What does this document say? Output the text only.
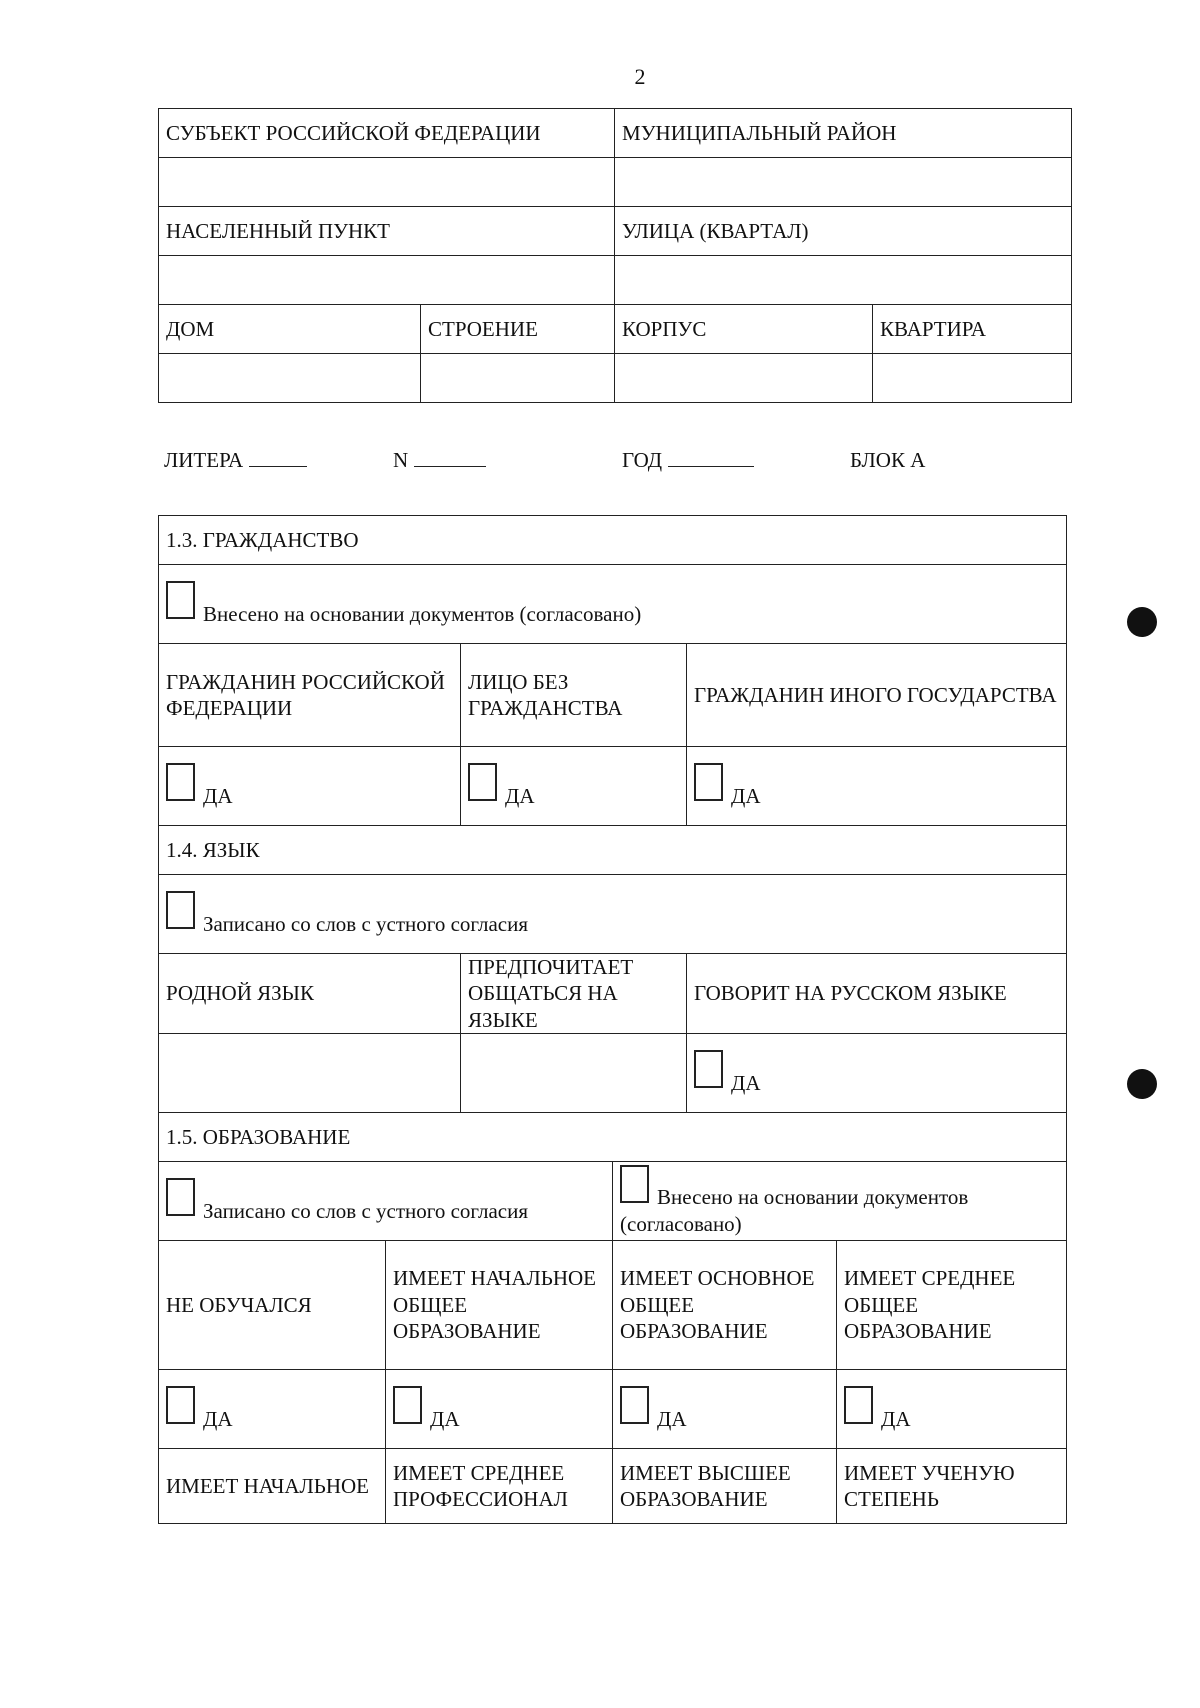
2
СУБЪЕКТ РОССИЙСКОЙ ФЕДЕРАЦИИ		МУНИЦИПАЛЬНЫЙ РАЙОН	

НАСЕЛЕННЫЙ ПУНКТ		УЛИЦА (КВАРТАЛ)	

ДОМ	СТРОЕНИЕ	КОРПУС	КВАРТИРА

ЛИТЕРА	N	ГОД	БЛОК А
1.3. ГРАЖДАНСТВО					
Внесено на основании документов (согласовано)					
ГРАЖДАНИН РОССИЙСКОЙ ФЕДЕРАЦИИ		ЛИЦО БЕЗ ГРАЖДАНСТВА		ГРАЖДАНИН ИНОГО ГОСУДАРСТВА	
ДА		ДА		ДА	
1.4. ЯЗЫК					
Записано со слов с устного согласия					
РОДНОЙ ЯЗЫК		ПРЕДПОЧИТАЕТ ОБЩАТЬСЯ НА ЯЗЫКЕ		ГОВОРИТ НА РУССКОМ ЯЗЫКЕ	
				ДА	
1.5. ОБРАЗОВАНИЕ					
Записано со слов с устного согласия			Внесено на основании документов (согласовано)		
НЕ ОБУЧАЛСЯ	ИМЕЕТ НАЧАЛЬНОЕ ОБЩЕЕ ОБРАЗОВАНИЕ		ИМЕЕТ ОСНОВНОЕ ОБЩЕЕ ОБРАЗОВАНИЕ		ИМЕЕТ СРЕДНЕЕ ОБЩЕЕ ОБРАЗОВАНИЕ
ДА	ДА		ДА		ДА
ИМЕЕТ НАЧАЛЬНОЕ	ИМЕЕТ СРЕДНЕЕ ПРОФЕССИОНАЛ		ИМЕЕТ ВЫСШЕЕ ОБРАЗОВАНИЕ		ИМЕЕТ УЧЕНУЮ СТЕПЕНЬ
